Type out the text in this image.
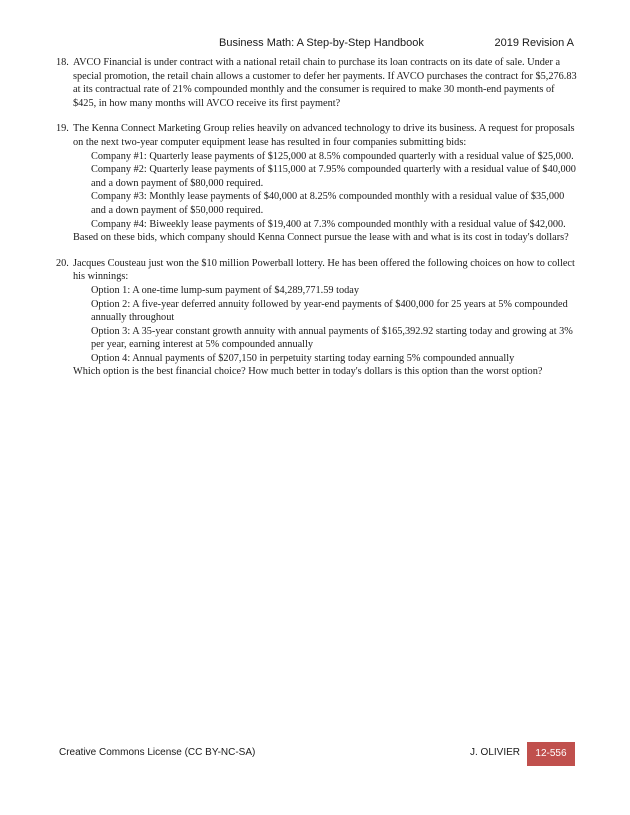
Business Math: A Step-by-Step Handbook	2019 Revision A
18. AVCO Financial is under contract with a national retail chain to purchase its loan contracts on its date of sale. Under a special promotion, the retail chain allows a customer to defer her payments. If AVCO purchases the contract for $5,276.83 at its contractual rate of 21% compounded monthly and the consumer is required to make 30 month-end payments of $425, in how many months will AVCO receive its first payment?

19. The Kenna Connect Marketing Group relies heavily on advanced technology to drive its business. A request for proposals on the next two-year computer equipment lease has resulted in four companies submitting bids:

Company #1: Quarterly lease payments of $125,000 at 8.5% compounded quarterly with a residual value of $25,000.

Company #2: Quarterly lease payments of $115,000 at 7.95% compounded quarterly with a residual value of $40,000 and a down payment of $80,000 required.

Company #3: Monthly lease payments of $40,000 at 8.25% compounded monthly with a residual value of $35,000 and a down payment of $50,000 required.

Company #4: Biweekly lease payments of $19,400 at 7.3% compounded monthly with a residual value of $42,000.

Based on these bids, which company should Kenna Connect pursue the lease with and what is its cost in today's dollars?

20. Jacques Cousteau just won the $10 million Powerball lottery. He has been offered the following choices on how to collect his winnings:

Option 1: A one-time lump-sum payment of $4,289,771.59 today

Option 2: A five-year deferred annuity followed by year-end payments of $400,000 for 25 years at 5% compounded annually throughout

Option 3: A 35-year constant growth annuity with annual payments of $165,392.92 starting today and growing at 3% per year, earning interest at 5% compounded annually

Option 4: Annual payments of $207,150 in perpetuity starting today earning 5% compounded annually

Which option is the best financial choice? How much better in today's dollars is this option than the worst option?

Creative Commons License (CC BY-NC-SA)	J. OLIVIER	12-556
